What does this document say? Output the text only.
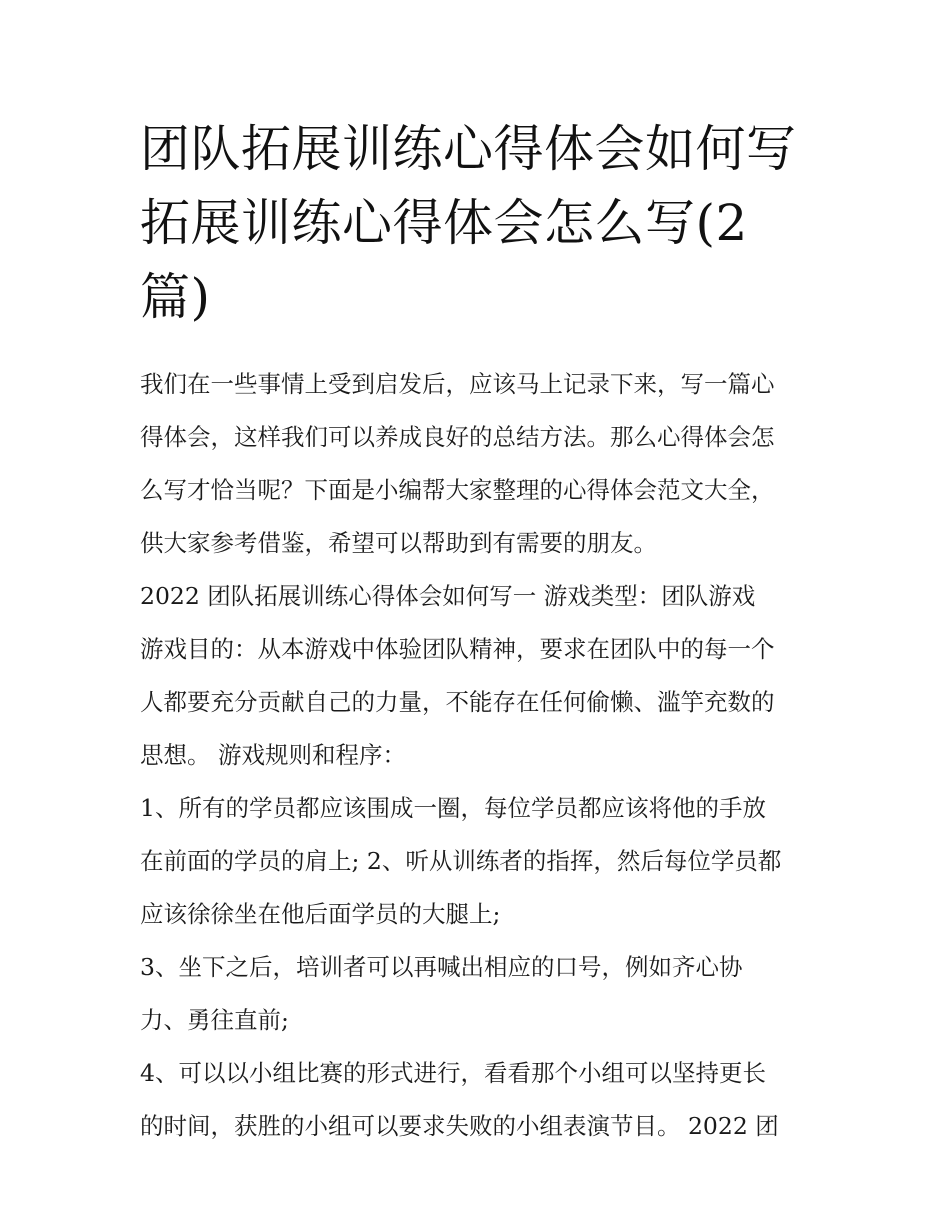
团队拓展训练心得体会如何写
拓展训练心得体会怎么写(2
篇)
我们在一些事情上受到启发后，应该马上记录下来，写一篇心
得体会，这样我们可以养成良好的总结方法。那么心得体会怎
么写才恰当呢？下面是小编帮大家整理的心得体会范文大全，
供大家参考借鉴，希望可以帮助到有需要的朋友。
2022 团队拓展训练心得体会如何写一 游戏类型：团队游戏
游戏目的：从本游戏中体验团队精神，要求在团队中的每一个
人都要充分贡献自己的力量，不能存在任何偷懒、滥竽充数的
思想。 游戏规则和程序：
1、所有的学员都应该围成一圈，每位学员都应该将他的手放
在前面的学员的肩上; 2、听从训练者的指挥，然后每位学员都
应该徐徐坐在他后面学员的大腿上;
3、坐下之后，培训者可以再喊出相应的口号，例如齐心协
力、勇往直前;
4、可以以小组比赛的形式进行，看看那个小组可以坚持更长
的时间，获胜的小组可以要求失败的小组表演节目。 2022 团
